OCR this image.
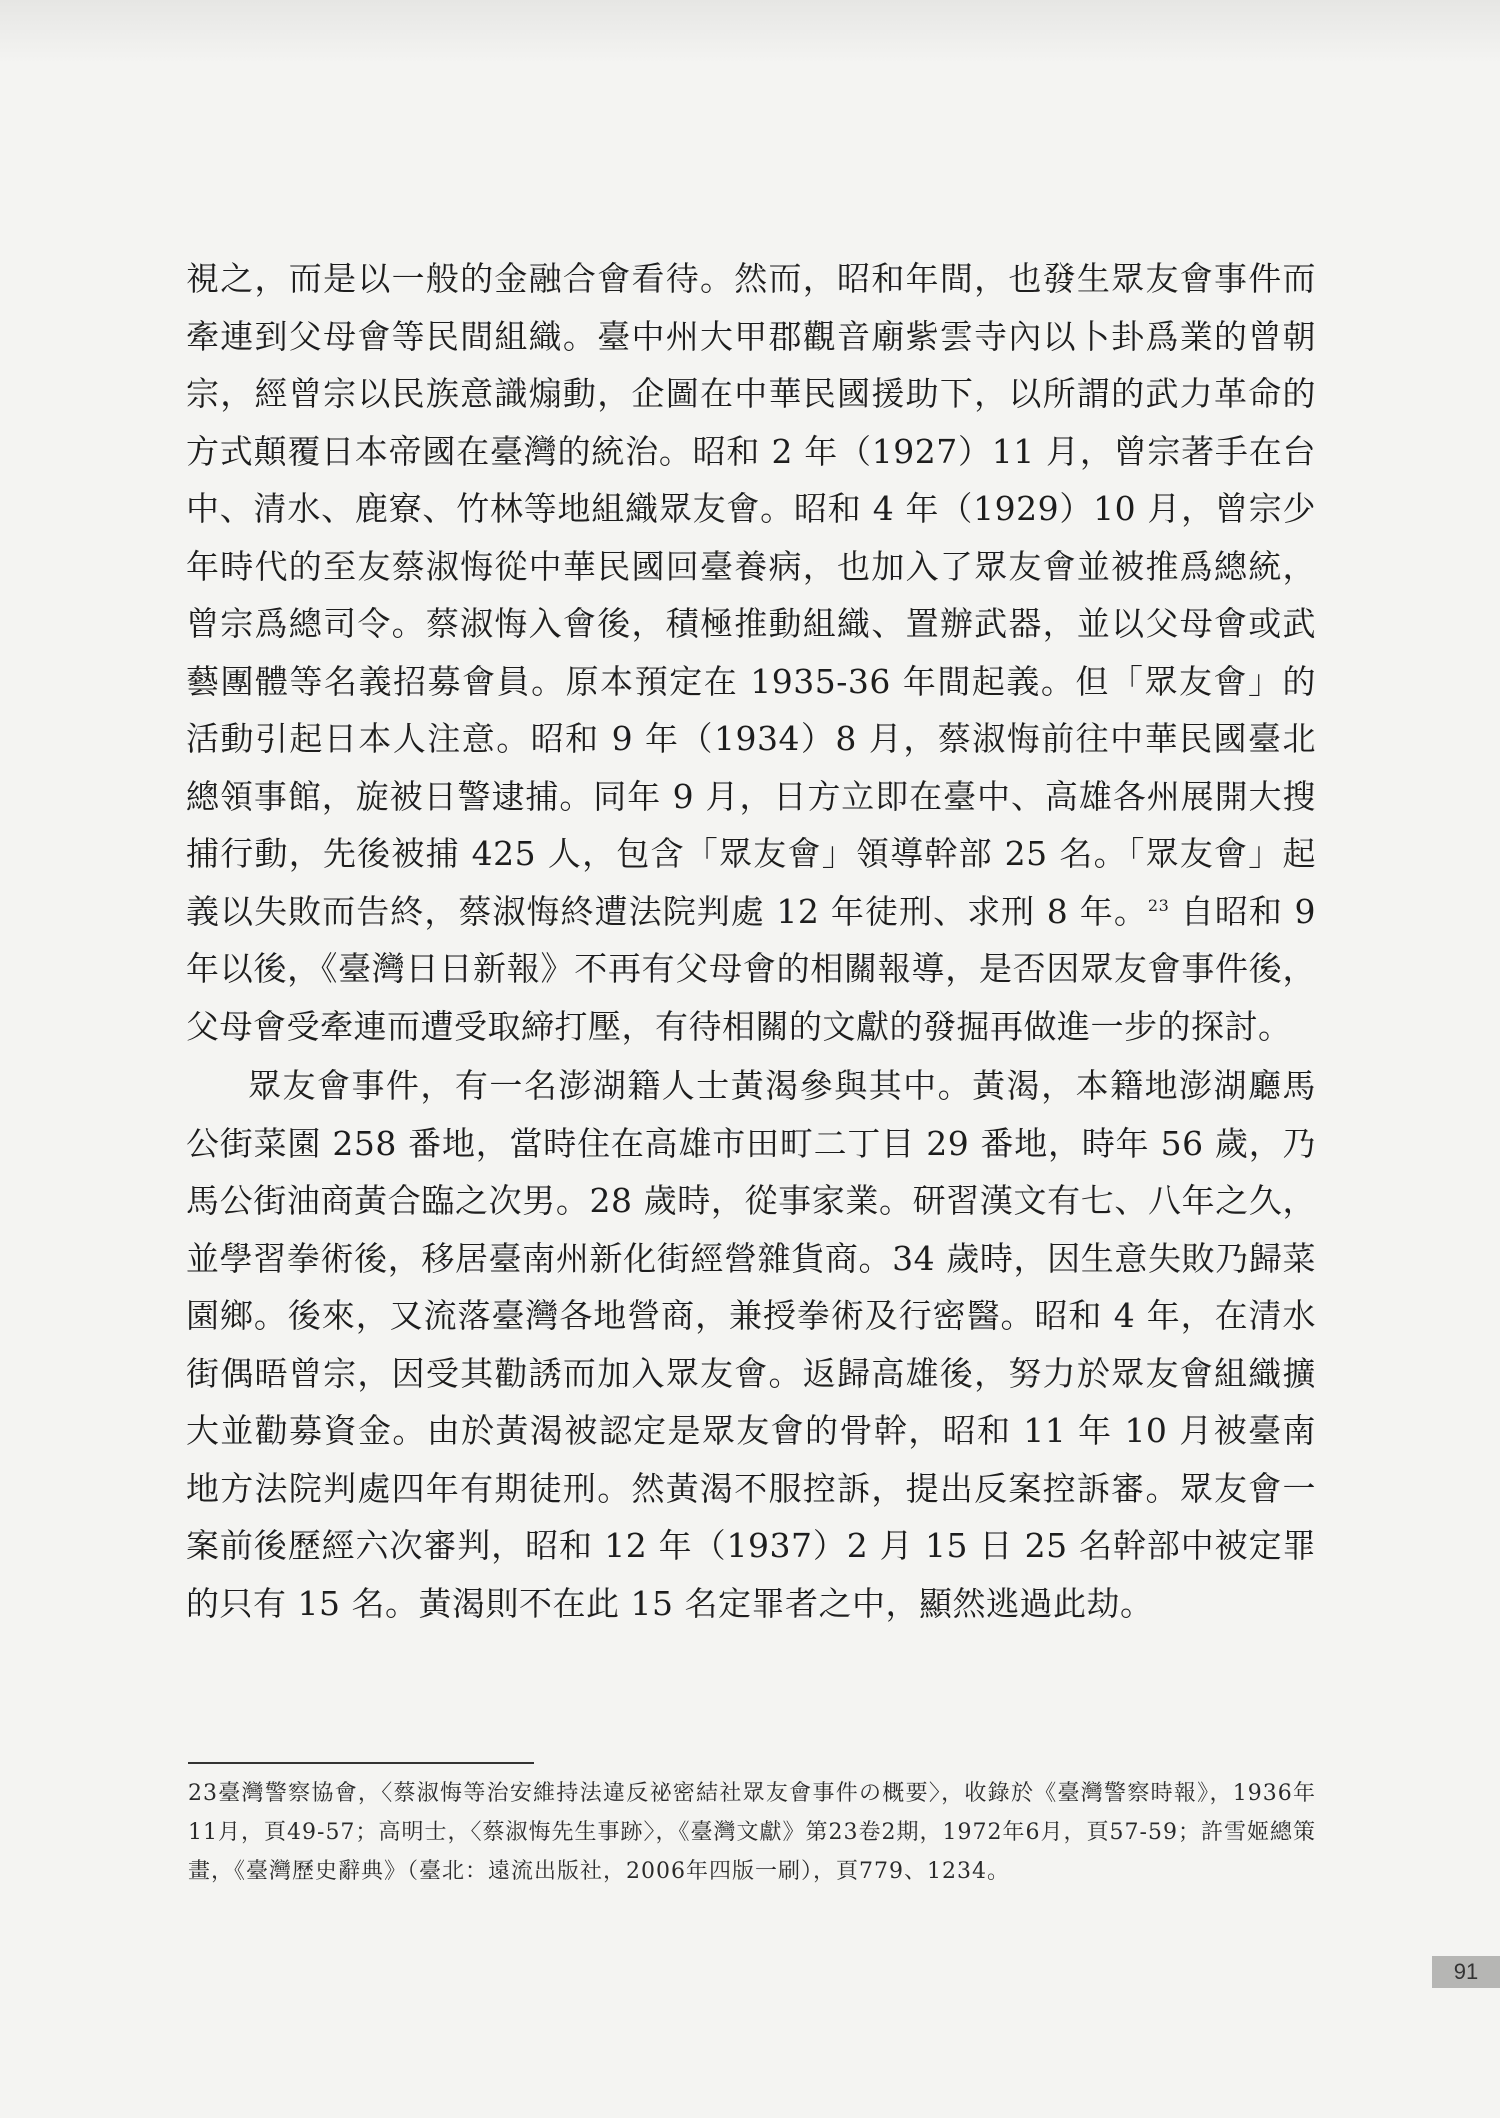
視之，而是以一般的金融合會看待。然而，昭和年間，也發生眾友會事件而牽連到父母會等民間組織。臺中州大甲郡觀音廟紫雲寺內以卜卦爲業的曾朝宗，經曾宗以民族意識煽動，企圖在中華民國援助下，以所謂的武力革命的方式顛覆日本帝國在臺灣的統治。昭和 2 年（1927）11 月，曾宗著手在台中、清水、鹿寮、竹林等地組織眾友會。昭和 4 年（1929）10 月，曾宗少年時代的至友蔡淑悔從中華民國回臺養病，也加入了眾友會並被推爲總統，曾宗爲總司令。蔡淑悔入會後，積極推動組織、置辦武器，並以父母會或武藝團體等名義招募會員。原本預定在 1935-36 年間起義。但「眾友會」的活動引起日本人注意。昭和 9 年（1934）8 月，蔡淑悔前往中華民國臺北總領事館，旋被日警逮捕。同年 9 月，日方立即在臺中、高雄各州展開大搜捕行動，先後被捕 425 人，包含「眾友會」領導幹部 25 名。「眾友會」起義以失敗而告終，蔡淑悔終遭法院判處 12 年徒刑、求刑 8 年。$^{23}$ 自昭和 9 年以後，《臺灣日日新報》不再有父母會的相關報導，是否因眾友會事件後，父母會受牽連而遭受取締打壓，有待相關的文獻的發掘再做進一步的探討。

眾友會事件，有一名澎湖籍人士黃渴參與其中。黃渴，本籍地澎湖廳馬公街菜園 258 番地，當時住在高雄市田町二丁目 29 番地，時年 56 歲，乃馬公街油商黃合臨之次男。28 歲時，從事家業。研習漢文有七、八年之久，並學習拳術後，移居臺南州新化街經營雜貨商。34 歲時，因生意失敗乃歸菜園鄉。後來，又流落臺灣各地營商，兼授拳術及行密醫。昭和 4 年，在清水街偶晤曾宗，因受其勸誘而加入眾友會。返歸高雄後，努力於眾友會組織擴大並勸募資金。由於黃渴被認定是眾友會的骨幹，昭和 11 年 10 月被臺南地方法院判處四年有期徒刑。然黃渴不服控訴，提出反案控訴審。眾友會一案前後歷經六次審判，昭和 12 年（1937）2 月 15 日 25 名幹部中被定罪的只有 15 名。黃渴則不在此 15 名定罪者之中，顯然逃過此劫。

23臺灣警察協會，〈蔡淑悔等治安維持法違反祕密結社眾友會事件の概要〉，收錄於《臺灣警察時報》，1936年11月，頁49-57；高明士，〈蔡淑悔先生事跡〉，《臺灣文獻》第23卷2期，1972年6月，頁57-59；許雪姬總策畫，《臺灣歷史辭典》（臺北：遠流出版社，2006年四版一刷），頁779、1234。

91
